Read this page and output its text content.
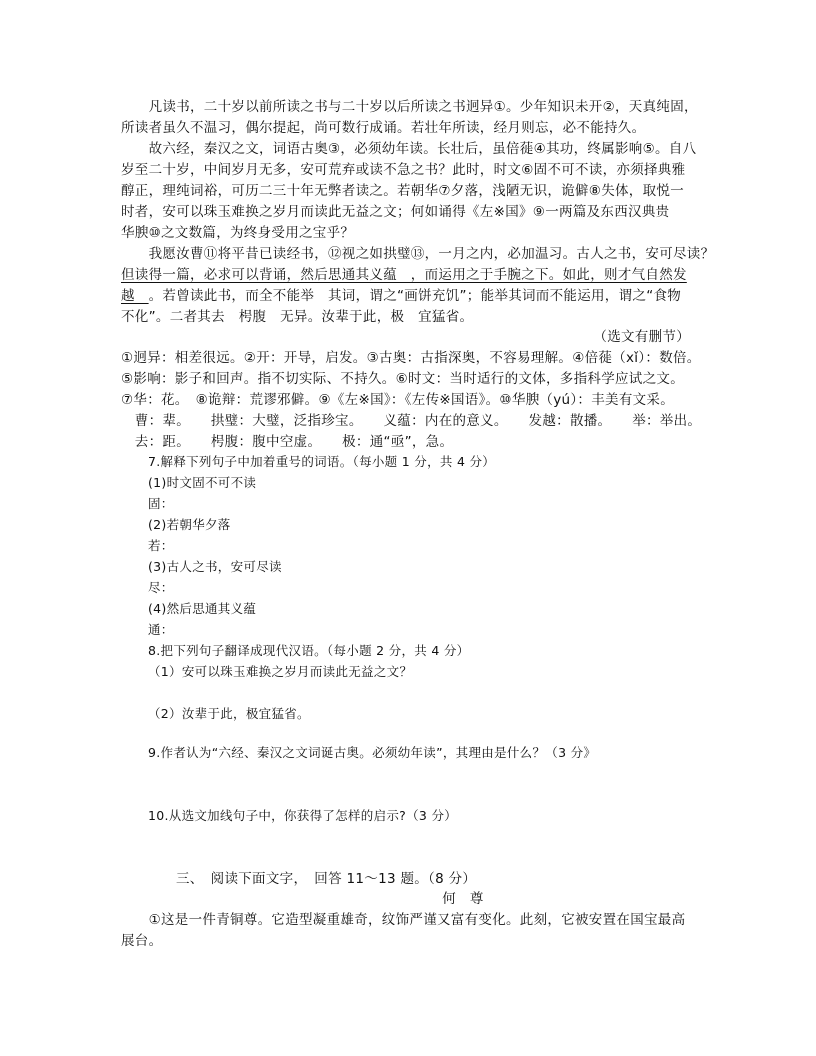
　　凡读书，二十岁以前所读之书与二十岁以后所读之书迥异①。少年知识未开②，天真纯固，
所读者虽久不温习，偶尔提起，尚可数行成诵。若壮年所读，经月则忘，必不能持久。
　　故六经，秦汉之文，词语古奥③，必须幼年读。长壮后，虽倍蓰④其功，终属影响⑤。自八
岁至二十岁，中间岁月无多，安可荒弃或读不急之书？此时，时文⑥固不可不读，亦须择典雅
醇正，理纯词裕，可历二三十年无弊者读之。若朝华⑦夕落，浅陋无识，诡僻⑧失体，取悦一
时者，安可以珠玉难换之岁月而读此无益之文；何如诵得《左※国》⑨一两篇及东西汉典贵
华腴⑩之文数篇，为终身受用之宝乎？
　　我愿汝曹⑪将平昔已读经书，⑫视之如拱璧⑬，一月之内，必加温习。古人之书，安可尽读？
但读得一篇，必求可以背诵，然后思通其义蕴　，而运用之于手腕之下。如此，则才气自然发
越　。若曾读此书，而全不能举　其词，谓之“画饼充饥”；能举其词而不能运用，谓之“食物
不化”。二者其去　枵腹　无异。汝辈于此，极　宜猛省。
（选文有删节）
①迥异：相差很远。②开：开导，启发。③古奥：古指深奥，不容易理解。④倍蓰（xǐ）：数倍。
⑤影响：影子和回声。指不切实际、不持久。⑥时文：当时适行的文体，多指科学应试之文。
⑦华：花。　⑧诡辩：荒谬邪僻。⑨《左※国》：《左传※国语》。⑩华腴（yú）：丰美有文采。
　曹：辈。　　拱璧：大璧，泛指珍宝。　　义蕴：内在的意义。　　发越：散播。　　举：举出。
　去：距。　　枵腹：腹中空虚。　　极：通“亟”，急。
7.解释下列句子中加着重号的词语。（每小题 1 分，共 4 分）
(1)时文固不可不读
固：
(2)若朝华夕落
若：
(3)古人之书，安可尽读
尽：
(4)然后思通其义蕴
通：
8.把下列句子翻译成现代汉语。（每小题 2 分，共 4 分）
（1）安可以珠玉难换之岁月而读此无益之文？
（2）汝辈于此，极宜猛省。
9.作者认为“六经、秦汉之文词诞古奥。必须幼年读”，其理由是什么？（3 分》
10.从选文加线句子中，你获得了怎样的启示?（3 分）
三、　阅读下面文字，　回答 11～13 题。（8 分）
何　尊
　　①这是一件青铜尊。它造型凝重雄奇，纹饰严谨又富有变化。此刻，它被安置在国宝最高
展台。
